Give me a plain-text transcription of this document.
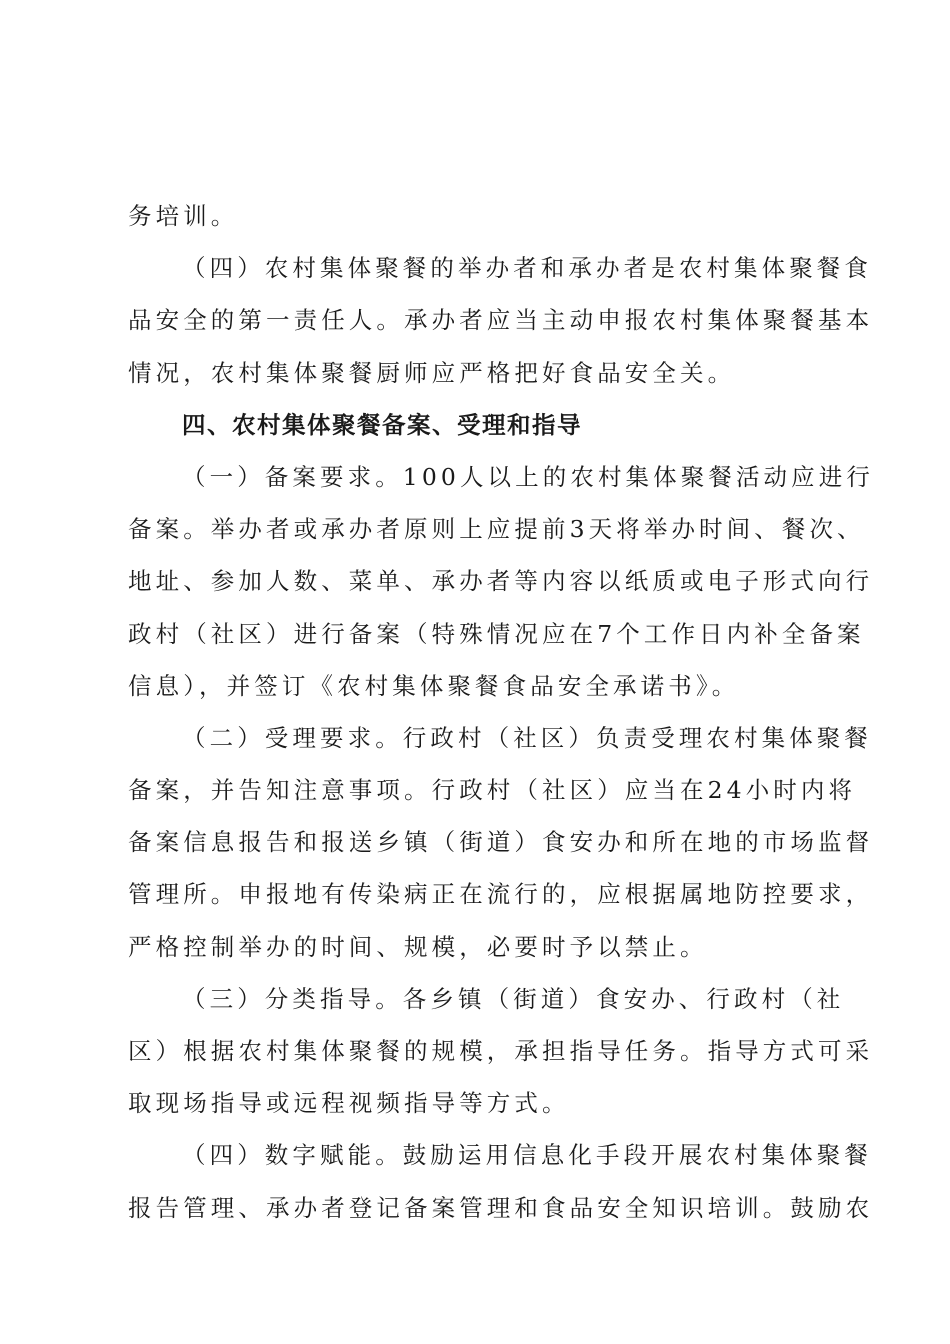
务培训。
（四）农村集体聚餐的举办者和承办者是农村集体聚餐食
品安全的第一责任人。承办者应当主动申报农村集体聚餐基本
情况，农村集体聚餐厨师应严格把好食品安全关。
四、农村集体聚餐备案、受理和指导
（一）备案要求。100人以上的农村集体聚餐活动应进行
备案。举办者或承办者原则上应提前3天将举办时间、餐次、
地址、参加人数、菜单、承办者等内容以纸质或电子形式向行
政村（社区）进行备案（特殊情况应在7个工作日内补全备案
信息），并签订《农村集体聚餐食品安全承诺书》。
（二）受理要求。行政村（社区）负责受理农村集体聚餐
备案，并告知注意事项。行政村（社区）应当在24小时内将
备案信息报告和报送乡镇（街道）食安办和所在地的市场监督
管理所。申报地有传染病正在流行的，应根据属地防控要求，
严格控制举办的时间、规模，必要时予以禁止。
（三）分类指导。各乡镇（街道）食安办、行政村（社
区）根据农村集体聚餐的规模，承担指导任务。指导方式可采
取现场指导或远程视频指导等方式。
（四）数字赋能。鼓励运用信息化手段开展农村集体聚餐
报告管理、承办者登记备案管理和食品安全知识培训。鼓励农
